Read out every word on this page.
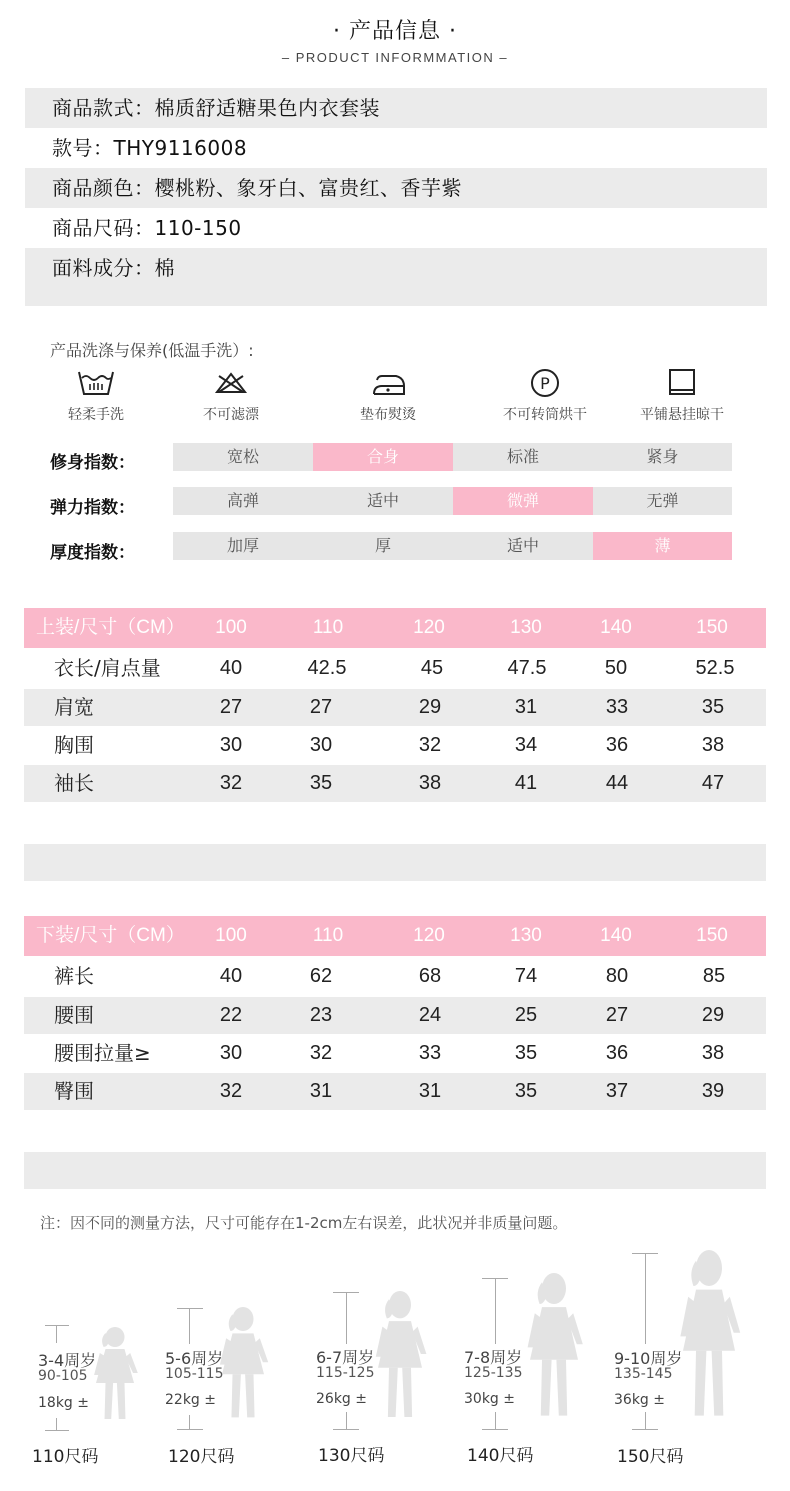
· 产品信息 ·
– PRODUCT INFORMMATION –
商品款式：棉质舒适糖果色内衣套装
款号：THY9116008
商品颜色：樱桃粉、象牙白、富贵红、香芋紫
商品尺码：110-150
面料成分：棉
产品洗涤与保养(低温手洗）:
轻柔手洗	不可滤漂	垫布熨烫
P
不可转筒烘干	平铺悬挂晾干
修身指数：	宽松	合身	标准	紧身
弹力指数：	高弹	适中	微弹	无弹
厚度指数：	加厚	厚	适中	薄
上装/尺寸（CM）	100	110	120	130	140	150
衣长/肩点量	40	42.5	45	47.5	50	52.5
肩宽	27	27	29	31	33	35
胸围	30	30	32	34	36	38
袖长	32	35	38	41	44	47
下装/尺寸（CM）	100	110	120	130	140	150
裤长	40	62	68	74	80	85
腰围	22	23	24	25	27	29
腰围拉量≥	30	32	33	35	36	38
臀围	32	31	31	35	37	39
注：因不同的测量方法，尺寸可能存在1-2cm左右误差，此状况并非质量问题。
3-4周岁
90-105
18kg ±
110尺码
5-6周岁
105-115
22kg ±
120尺码
6-7周岁
115-125
26kg ±
130尺码
7-8周岁
125-135
30kg ±
140尺码
9-10周岁
135-145
36kg ±
150尺码
